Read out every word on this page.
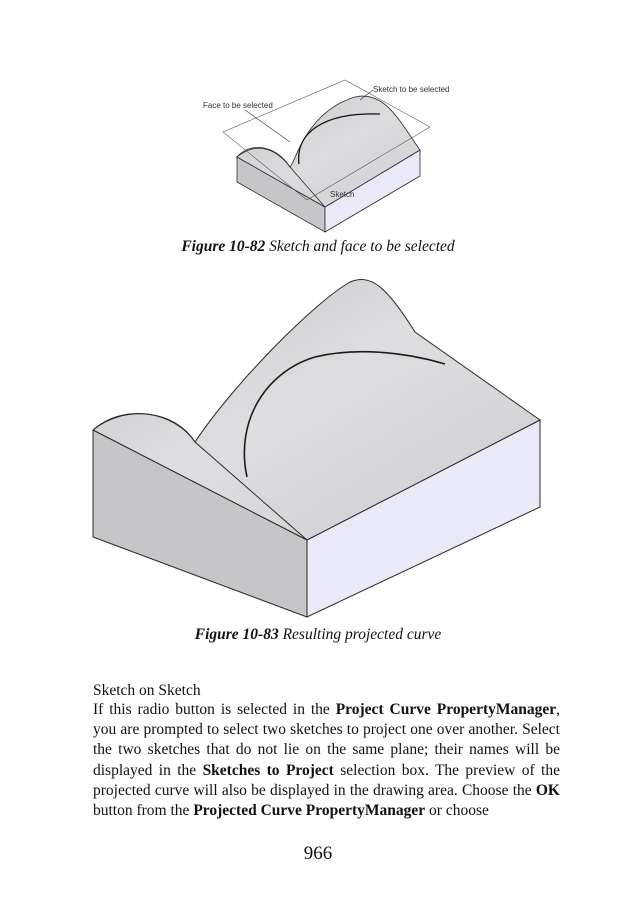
Face to be selected
Sketch to be selected
Sketch
Figure 10-82 Sketch and face to be selected
Figure 10-83 Resulting projected curve
Sketch on Sketch
If this radio button is selected in the Project Curve PropertyManager, you are prompted to select two sketches to project one over another. Select the two sketches that do not lie on the same plane; their names will be displayed in the Sketches to Project selection box. The preview of the projected curve will also be displayed in the drawing area. Choose the OK button from the Projected Curve PropertyManager or choose
966
